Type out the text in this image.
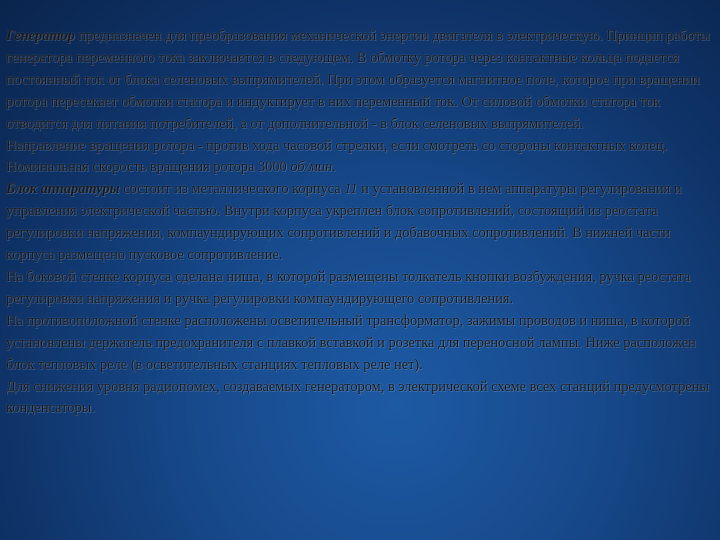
Генератор предназначен для преобразования механической энергии двигателя в электрическую. Принцип работы генератора переменного тока заключается в следующем. В обмотку ротора через контактные кольца подается постоянный ток от блока селеновых выпрямителей. При этом образуется магнитное поле, которое при вращении ротора пересекает обмотки статора и индуктирует в них переменный ток. От силовой обмотки статора ток отводится для питания потребителей, а от дополнительной - в блок селеновых выпрямителей.

Направление вращения ротора - против хода часовой стрелки, если смотреть со стороны контактных колец. Номинальная скорость вращения ротора 3000 об/мин.

Блок аппаратуры состоит из металлического корпуса 11 и установленной в нем аппаратуры регулирования и управления электрической частью. Внутри корпуса укреплен блок сопротивлений, состоящий из реостата регулировки напряжения, компаундирующих сопротивлений и добавочных сопротивлений. В нижней части корпуса размещено пусковое сопротивление.

На боковой стенке корпуса сделана ниша, в которой размещены толкатель кнопки возбуждения, ручка реостата регулировки напряжения и ручка регулировки компаундирующего сопротивления.

На противоположной стенке расположены осветительный трансформатор, зажимы проводов и ниша, в которой установлены держатель предохранителя с плавкой вставкой и розетка для переносной лампы. Ниже расположен блок тепловых реле (в осветительных станциях тепловых реле нет).

Для снижения уровня радиопомех, создаваемых генератором, в электрической схеме всех станций предусмотрены конденсаторы.
